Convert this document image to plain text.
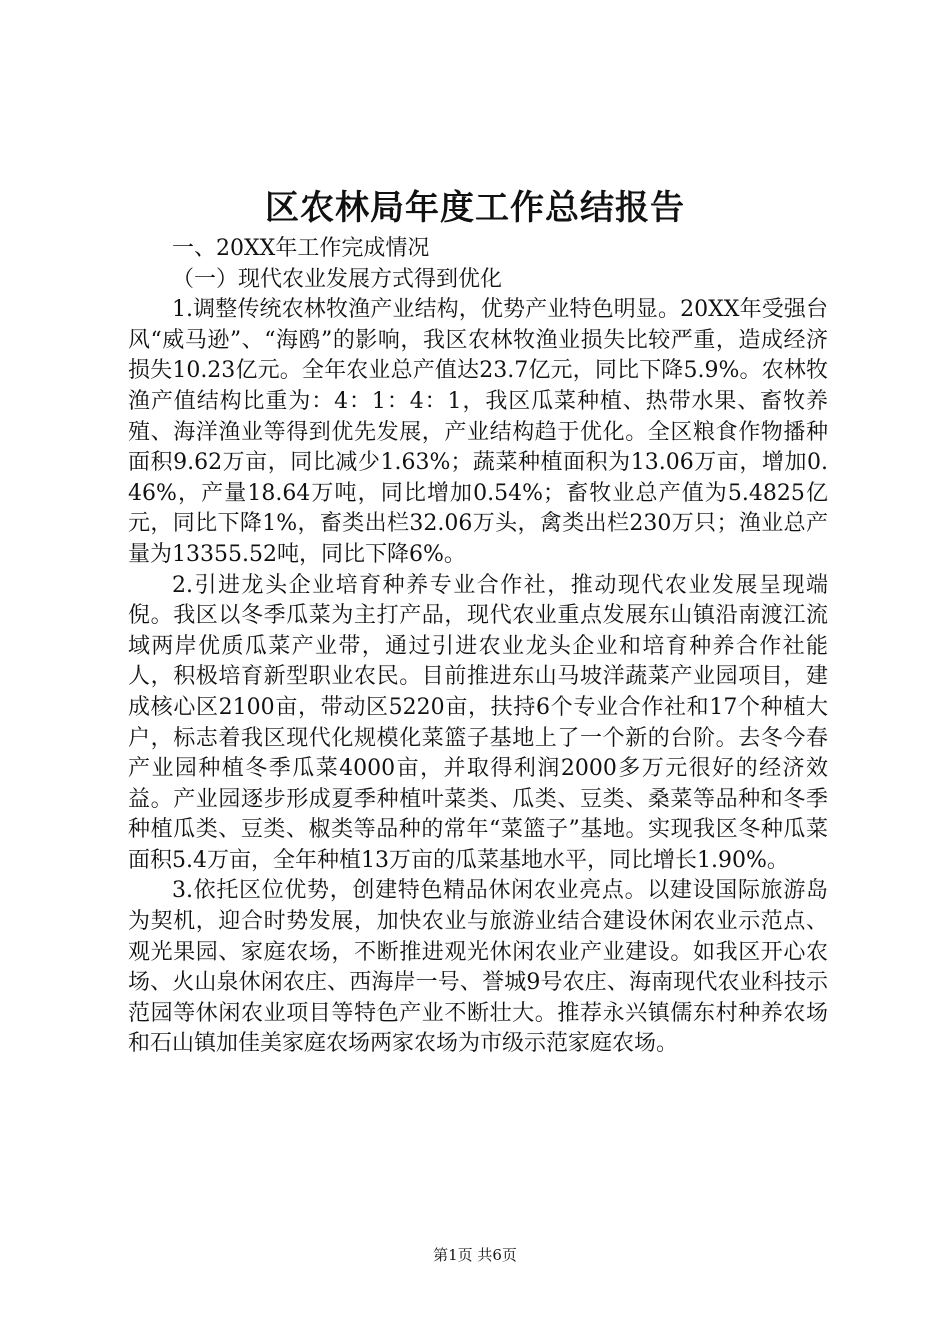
区农林局年度工作总结报告

一、20XX年工作完成情况

（一）现代农业发展方式得到优化

1.调整传统农林牧渔产业结构，优势产业特色明显。20XX年受强台风“威马逊”、“海鸥”的影响，我区农林牧渔业损失比较严重，造成经济损失10.23亿元。全年农业总产值达23.7亿元，同比下降5.9%。农林牧渔产值结构比重为：4：1：4：1，我区瓜菜种植、热带水果、畜牧养殖、海洋渔业等得到优先发展，产业结构趋于优化。全区粮食作物播种面积9.62万亩，同比减少1.63%；蔬菜种植面积为13.06万亩，增加0.46%，产量18.64万吨，同比增加0.54%；畜牧业总产值为5.4825亿元，同比下降1%，畜类出栏32.06万头，禽类出栏230万只；渔业总产量为13355.52吨，同比下降6%。

2.引进龙头企业培育种养专业合作社，推动现代农业发展呈现端倪。我区以冬季瓜菜为主打产品，现代农业重点发展东山镇沿南渡江流域两岸优质瓜菜产业带，通过引进农业龙头企业和培育种养合作社能人，积极培育新型职业农民。目前推进东山马坡洋蔬菜产业园项目，建成核心区2100亩，带动区5220亩，扶持6个专业合作社和17个种植大户，标志着我区现代化规模化菜篮子基地上了一个新的台阶。去冬今春产业园种植冬季瓜菜4000亩，并取得利润2000多万元很好的经济效益。产业园逐步形成夏季种植叶菜类、瓜类、豆类、桑菜等品种和冬季种植瓜类、豆类、椒类等品种的常年“菜篮子”基地。实现我区冬种瓜菜面积5.4万亩，全年种植13万亩的瓜菜基地水平，同比增长1.90%。

3.依托区位优势，创建特色精品休闲农业亮点。以建设国际旅游岛为契机，迎合时势发展，加快农业与旅游业结合建设休闲农业示范点、观光果园、家庭农场，不断推进观光休闲农业产业建设。如我区开心农场、火山泉休闲农庄、西海岸一号、誉城9号农庄、海南现代农业科技示范园等休闲农业项目等特色产业不断壮大。推荐永兴镇儒东村种养农场和石山镇加佳美家庭农场两家农场为市级示范家庭农场。

第1页 共6页
